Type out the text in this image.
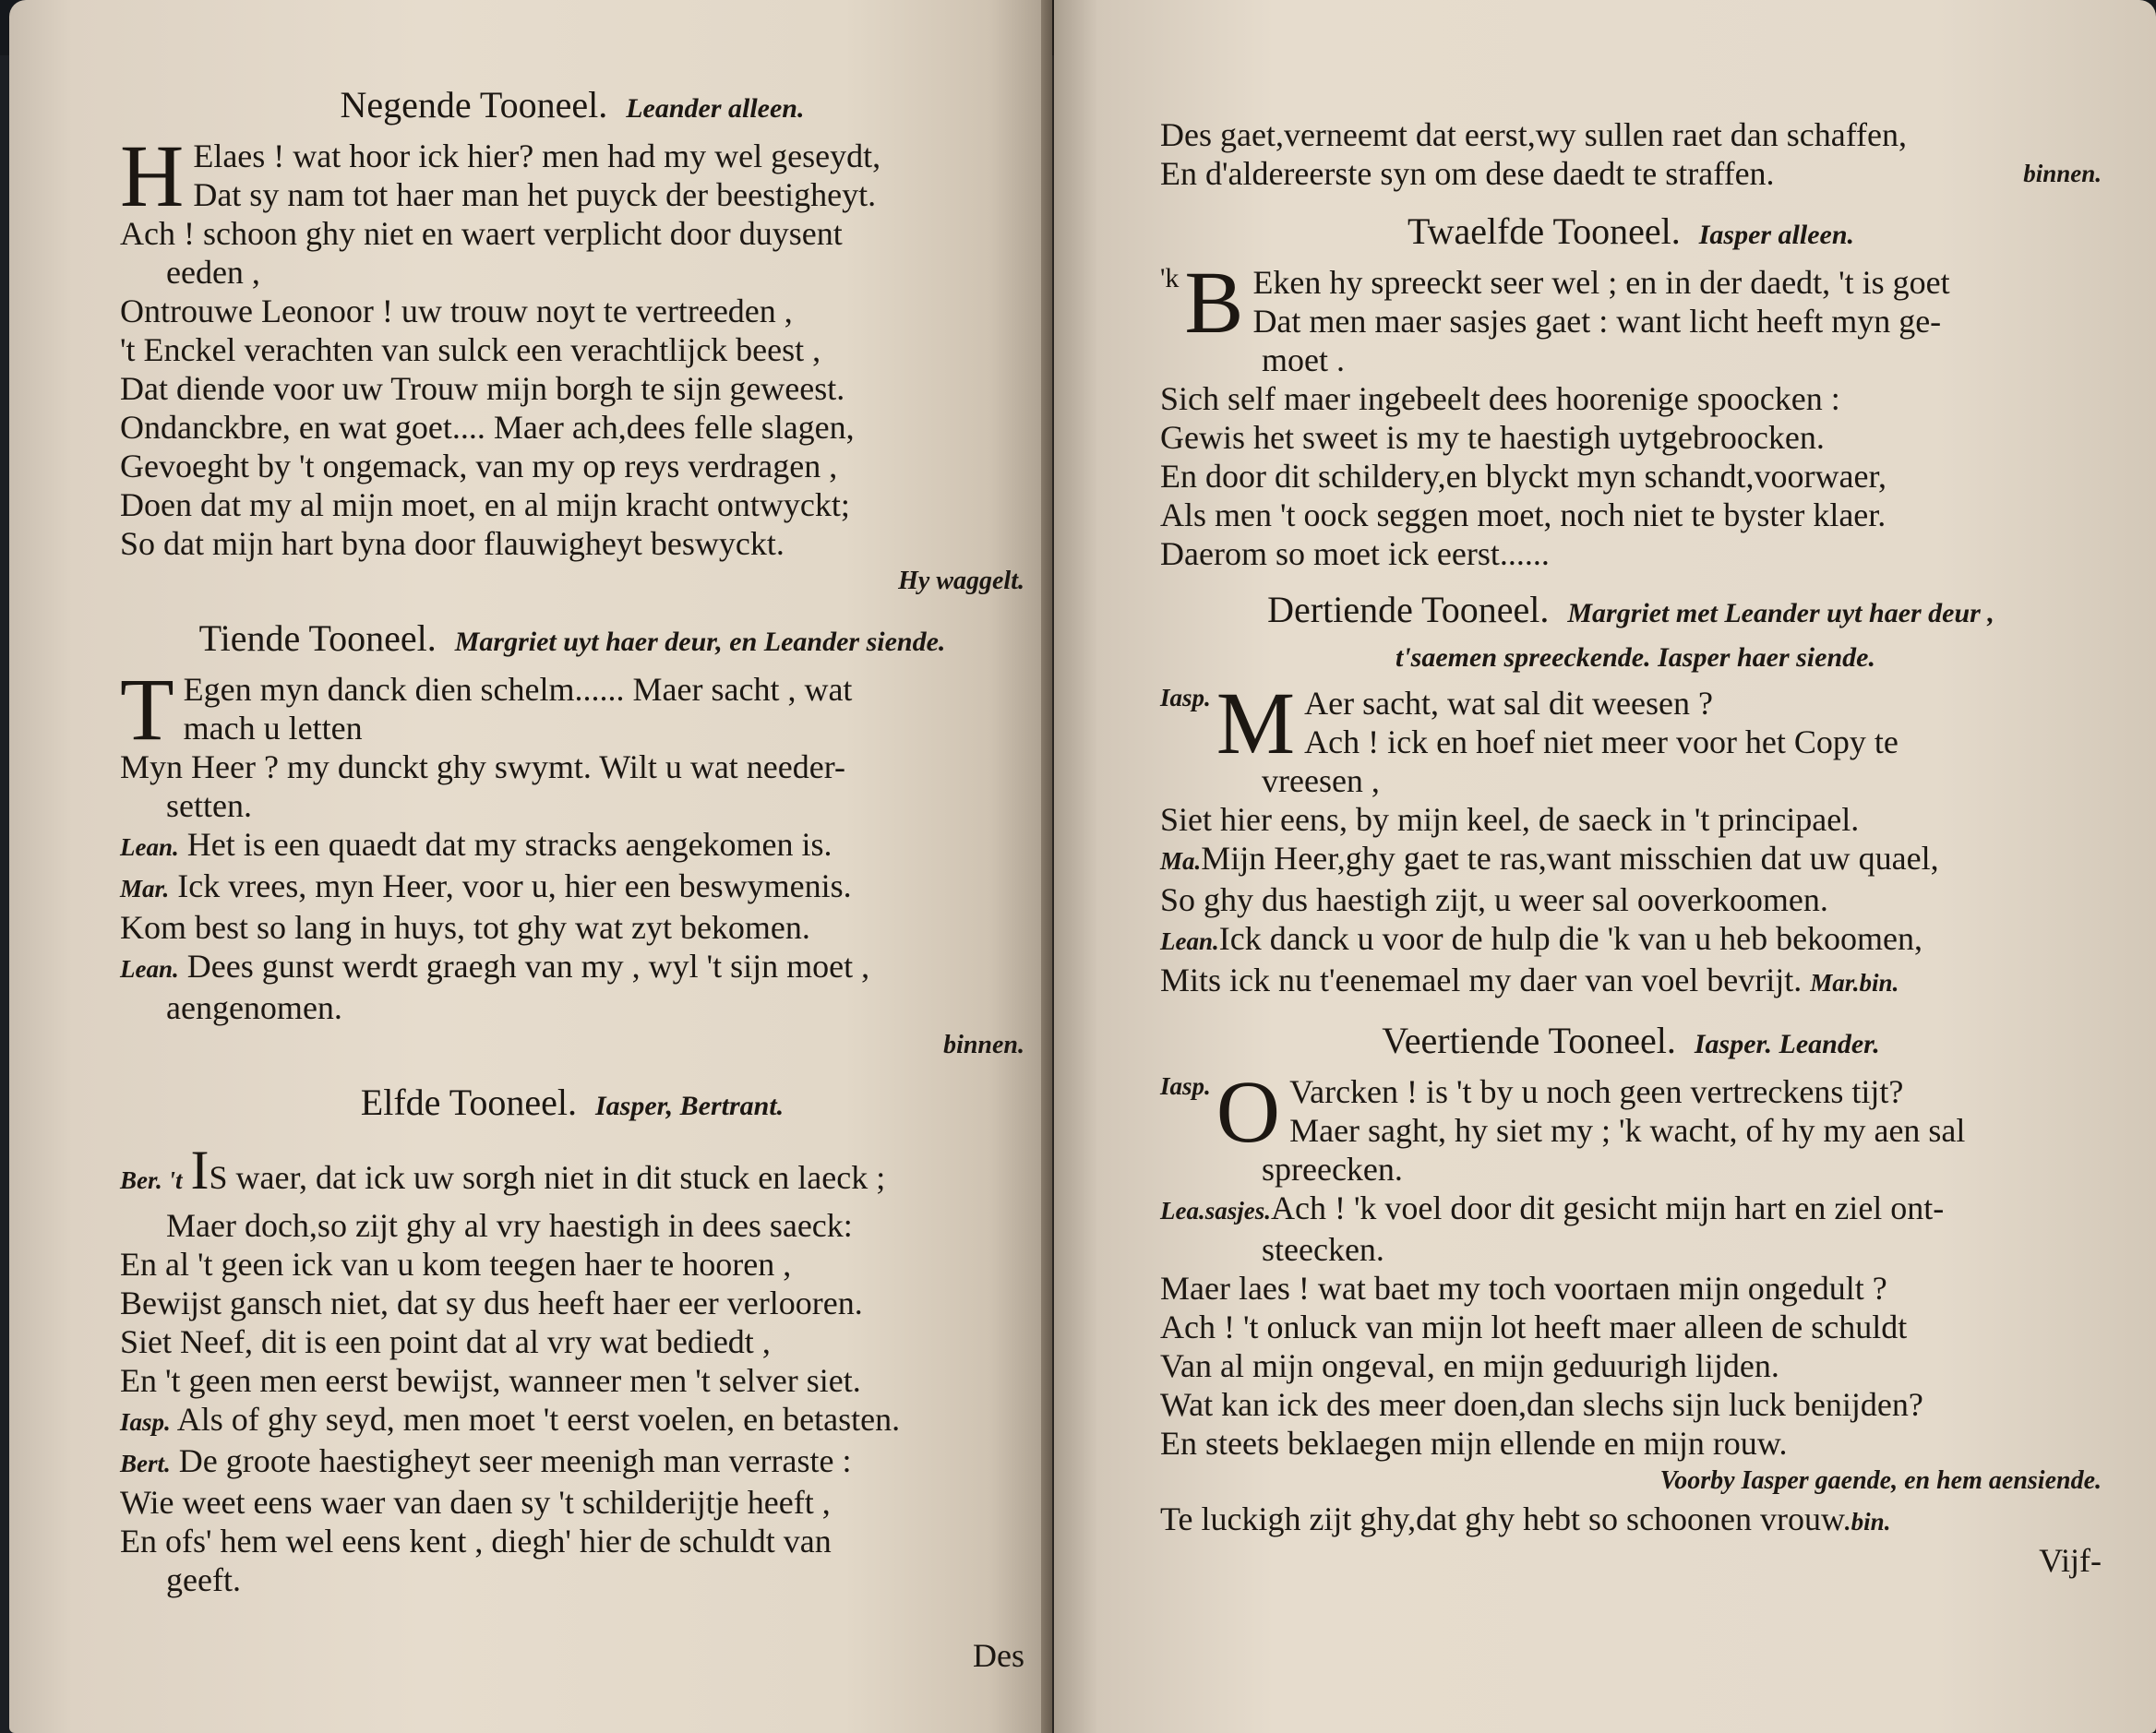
Negende Tooneel. Leander alleen.
H Elaes ! wat hoor ick hier? men had my wel geseydt,
Dat sy nam tot haer man het puyck der beestigheyt.
Ach ! schoon ghy niet en waert verplicht door duysent
eeden ,
Ontrouwe Leonoor ! uw trouw noyt te vertreeden ,
't Enckel verachten van sulck een verachtlijck beest ,
Dat diende voor uw Trouw mijn borgh te sijn geweest.
Ondanckbre, en wat goet.... Maer ach,dees felle slagen,
Gevoeght by 't ongemack, van my op reys verdragen ,
Doen dat my al mijn moet, en al mijn kracht ontwyckt;
So dat mijn hart byna door flauwigheyt beswyckt.
Hy waggelt.
Tiende Tooneel. Margriet uyt haer deur, en Leander siende.
T Egen myn danck dien schelm...... Maer sacht , wat
mach u letten
Myn Heer ? my dunckt ghy swymt. Wilt u wat needer-
setten.
Lean. Het is een quaedt dat my stracks aengekomen is.
Mar. Ick vrees, myn Heer, voor u, hier een beswymenis.
Kom best so lang in huys, tot ghy wat zyt bekomen.
Lean. Dees gunst werdt graegh van my , wyl 't sijn moet ,
aengenomen.
binnen.
Elfde Tooneel. Iasper, Bertrant.
Ber. 't IS waer, dat ick uw sorgh niet in dit stuck en laeck ;
Maer doch,so zijt ghy al vry haestigh in dees saeck:
En al 't geen ick van u kom teegen haer te hooren ,
Bewijst gansch niet, dat sy dus heeft haer eer verlooren.
Siet Neef, dit is een point dat al vry wat bediedt ,
En 't geen men eerst bewijst, wanneer men 't selver siet.
Iasp. Als of ghy seyd, men moet 't eerst voelen, en betasten.
Bert. De groote haestigheyt seer meenigh man verraste :
Wie weet eens waer van daen sy 't schilderijtje heeft ,
En ofs' hem wel eens kent , diegh' hier de schuldt van
geeft.
Des
Des gaet,verneemt dat eerst,wy sullen raet dan schaffen,
En d'aldereerste syn om dese daedt te straffen.	binnen.
Twaelfde Tooneel. Iasper alleen.
'k B Eken hy spreeckt seer wel ; en in der daedt, 't is goet
Dat men maer sasjes gaet : want licht heeft myn ge-
moet .
Sich self maer ingebeelt dees hoorenige spoocken :
Gewis het sweet is my te haestigh uytgebroocken.
En door dit schildery,en blyckt myn schandt,voorwaer,
Als men 't oock seggen moet, noch niet te byster klaer.
Daerom so moet ick eerst......
Dertiende Tooneel. Margriet met Leander uyt haer deur ,
t'saemen spreeckende. Iasper haer siende.
Iasp. M Aer sacht, wat sal dit weesen ?
Ach ! ick en hoef niet meer voor het Copy te
vreesen ,
Siet hier eens, by mijn keel, de saeck in 't principael.
Ma.Mijn Heer,ghy gaet te ras,want misschien dat uw quael,
So ghy dus haestigh zijt, u weer sal ooverkoomen.
Lean.Ick danck u voor de hulp die 'k van u heb bekoomen,
Mits ick nu t'eenemael my daer van voel bevrijt. Mar.bin.
Veertiende Tooneel. Iasper. Leander.
Iasp. O Varcken ! is 't by u noch geen vertreckens tijt?
Maer saght, hy siet my ; 'k wacht, of hy my aen sal
spreecken.
Lea.sasjes.Ach ! 'k voel door dit gesicht mijn hart en ziel ont-
steecken.
Maer laes ! wat baet my toch voortaen mijn ongedult ?
Ach ! 't onluck van mijn lot heeft maer alleen de schuldt
Van al mijn ongeval, en mijn geduurigh lijden.
Wat kan ick des meer doen,dan slechs sijn luck benijden?
En steets beklaegen mijn ellende en mijn rouw.
Voorby Iasper gaende, en hem aensiende.
Te luckigh zijt ghy,dat ghy hebt so schoonen vrouw.bin.
Vijf-
